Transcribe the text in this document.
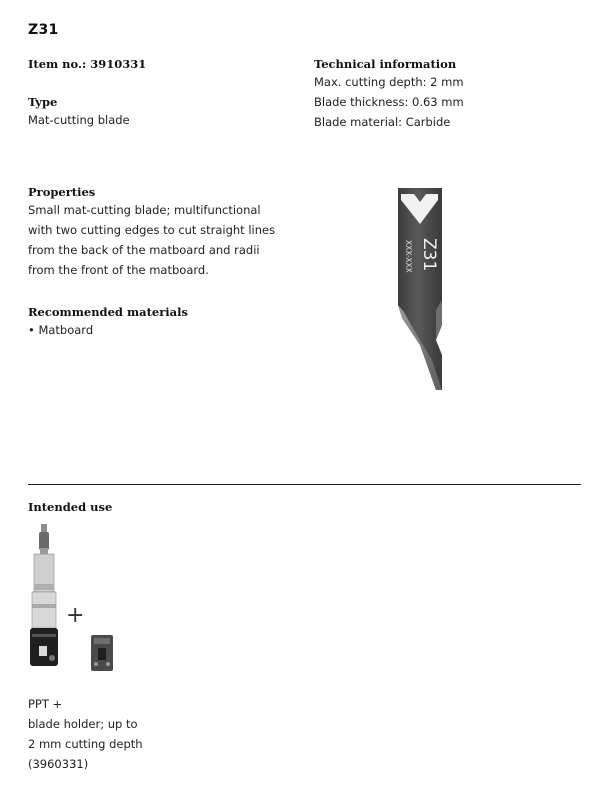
Z31
Item no.: 3910331
Type
Mat-cutting blade
Technical information
Max. cutting depth: 2 mm
Blade thickness: 0.63 mm
Blade material: Carbide
Properties
Small mat-cutting blade; multifunctional
with two cutting edges to cut straight lines
from the back of the matboard and radii
from the front of the matboard.
Recommended materials
• Matboard
Z31
XXX-XXX
Intended use
+
PPT +
blade holder; up to
2 mm cutting depth
(3960331)
